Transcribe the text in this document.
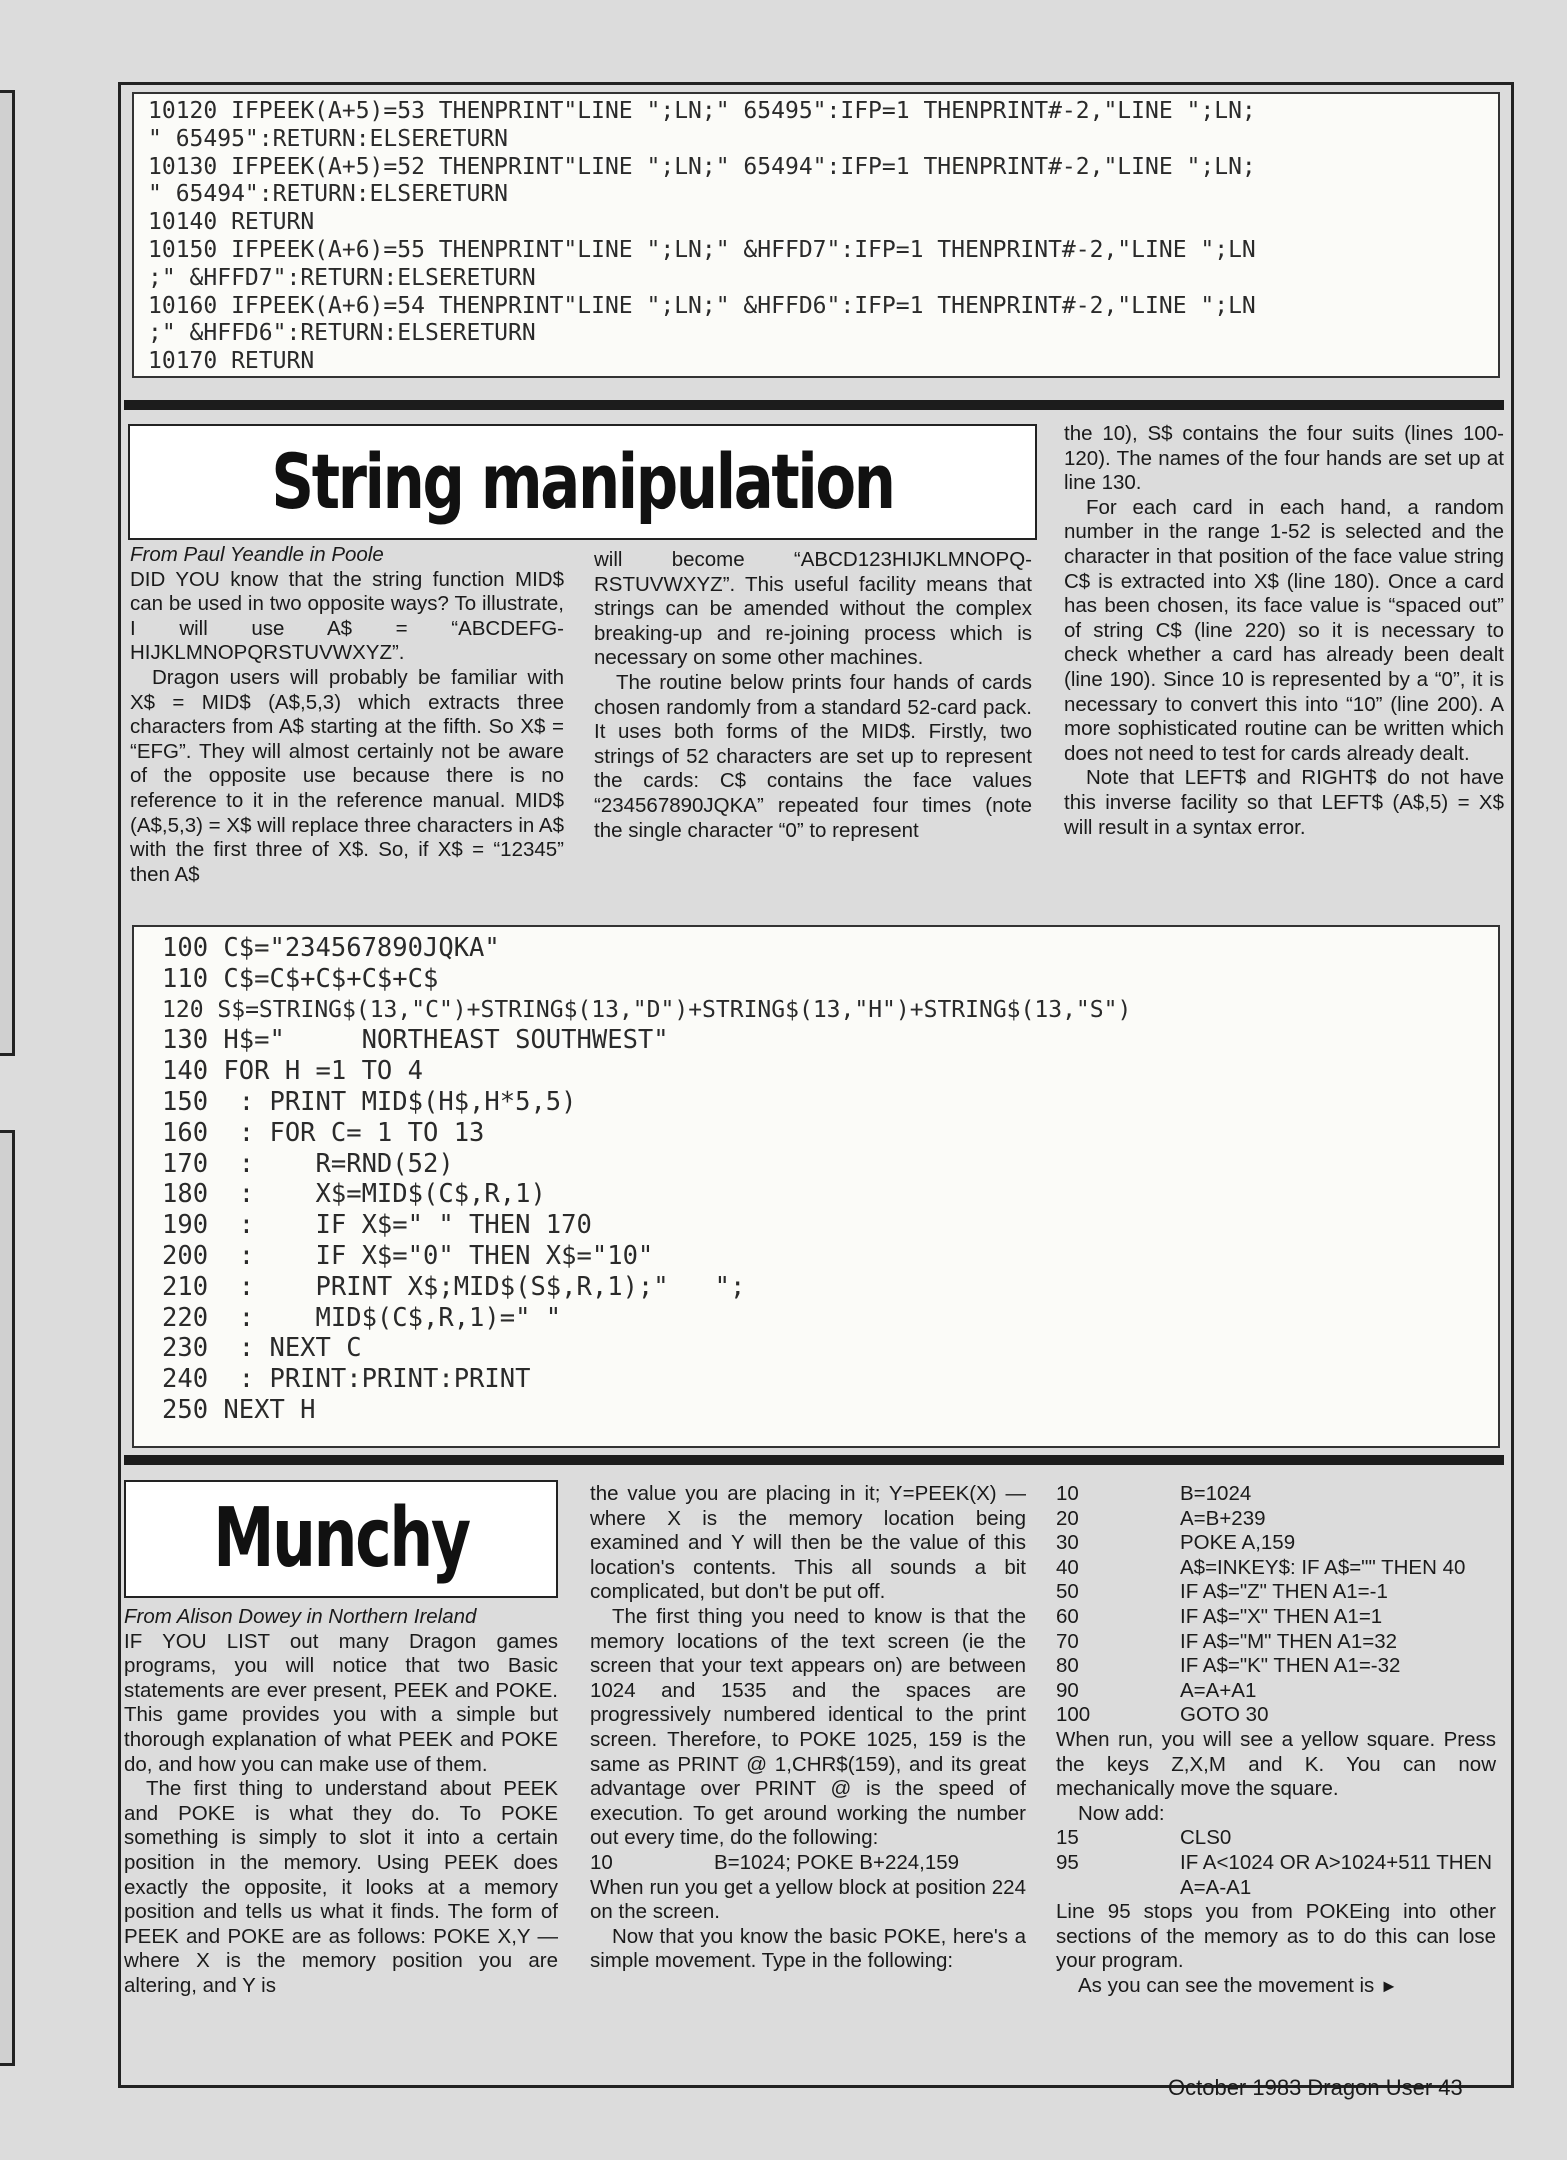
10120 IFPEEK(A+5)=53 THENPRINT"LINE ";LN;" 65495":IFP=1 THENPRINT#-2,"LINE ";LN;
" 65495":RETURN:ELSERETURN
10130 IFPEEK(A+5)=52 THENPRINT"LINE ";LN;" 65494":IFP=1 THENPRINT#-2,"LINE ";LN;
" 65494":RETURN:ELSERETURN
10140 RETURN
10150 IFPEEK(A+6)=55 THENPRINT"LINE ";LN;" &HFFD7":IFP=1 THENPRINT#-2,"LINE ";LN
;" &HFFD7":RETURN:ELSERETURN
10160 IFPEEK(A+6)=54 THENPRINT"LINE ";LN;" &HFFD6":IFP=1 THENPRINT#-2,"LINE ";LN
;" &HFFD6":RETURN:ELSERETURN
10170 RETURN
String manipulation

From Paul Yeandle in Poole

DID YOU know that the string function MID$ can be used in two opposite ways? To illustrate, I will use A$ = “ABCDEFG-HIJKLMNOPQRSTUVWXYZ”.

Dragon users will probably be familiar with X$ = MID$ (A$,5,3) which extracts three characters from A$ starting at the fifth. So X$ = “EFG”. They will almost certainly not be aware of the opposite use because there is no reference to it in the reference manual. MID$ (A$,5,3) = X$ will replace three characters in A$ with the first three of X$. So, if X$ = “12345” then A$

will become “ABCD123HIJKLMNOPQ-RSTUVWXYZ”. This useful facility means that strings can be amended without the complex breaking-up and re-joining process which is necessary on some other machines.

The routine below prints four hands of cards chosen randomly from a standard 52-card pack. It uses both forms of the MID$. Firstly, two strings of 52 characters are set up to represent the cards: C$ contains the face values “234567890JQKA” repeated four times (note the single character “0” to represent

the 10), S$ contains the four suits (lines 100-120). The names of the four hands are set up at line 130.

For each card in each hand, a random number in the range 1-52 is selected and the character in that position of the face value string C$ is extracted into X$ (line 180). Once a card has been chosen, its face value is “spaced out” of string C$ (line 220) so it is necessary to check whether a card has already been dealt (line 190). Since 10 is represented by a “0”, it is necessary to convert this into “10” (line 200). A more sophisticated routine can be written which does not need to test for cards already dealt.

Note that LEFT$ and RIGHT$ do not have this inverse facility so that LEFT$ (A$,5) = X$ will result in a syntax error.

100 C$="234567890JQKA"
110 C$=C$+C$+C$+C$
120 S$=STRING$(13,"C")+STRING$(13,"D")+STRING$(13,"H")+STRING$(13,"S")
130 H$="     NORTHEAST SOUTHWEST"
140 FOR H =1 TO 4
150  : PRINT MID$(H$,H*5,5)
160  : FOR C= 1 TO 13
170  :    R=RND(52)
180  :    X$=MID$(C$,R,1)
190  :    IF X$=" " THEN 170
200  :    IF X$="0" THEN X$="10"
210  :    PRINT X$;MID$(S$,R,1);"   ";
220  :    MID$(C$,R,1)=" "
230  : NEXT C
240  : PRINT:PRINT:PRINT
250 NEXT H
Munchy

From Alison Dowey in Northern Ireland

IF YOU LIST out many Dragon games programs, you will notice that two Basic statements are ever present, PEEK and POKE. This game provides you with a simple but thorough explanation of what PEEK and POKE do, and how you can make use of them.

The first thing to understand about PEEK and POKE is what they do. To POKE something is simply to slot it into a certain position in the memory. Using PEEK does exactly the opposite, it looks at a memory position and tells us what it finds. The form of PEEK and POKE are as follows: POKE X,Y — where X is the memory position you are altering, and Y is

the value you are placing in it; Y=PEEK(X) — where X is the memory location being examined and Y will then be the value of this location's contents. This all sounds a bit complicated, but don't be put off.

The first thing you need to know is that the memory locations of the text screen (ie the screen that your text appears on) are between 1024 and 1535 and the spaces are progressively numbered identical to the print screen. Therefore, to POKE 1025, 159 is the same as PRINT @ 1,CHR$(159), and its great advantage over PRINT @ is the speed of execution. To get around working the number out every time, do the following:

10	B=1024; POKE B+224,159

When run you get a yellow block at position 224 on the screen.

Now that you know the basic POKE, here's a simple movement. Type in the following:

10	B=1024
20	A=B+239
30	POKE A,159
40	A$=INKEY$: IF A$="" THEN 40
50	IF A$="Z" THEN A1=-1
60	IF A$="X" THEN A1=1
70	IF A$="M" THEN A1=32
80	IF A$="K" THEN A1=-32
90	A=A+A1
100	GOTO 30

When run, you will see a yellow square. Press the keys Z,X,M and K. You can now mechanically move the square.

Now add:

15	CLS0
95	IF A<1024 OR A>1024+511 THEN A=A-A1

Line 95 stops you from POKEing into other sections of the memory as to do this can lose your program.

As you can see the movement is ►

October 1983 Dragon User 43
